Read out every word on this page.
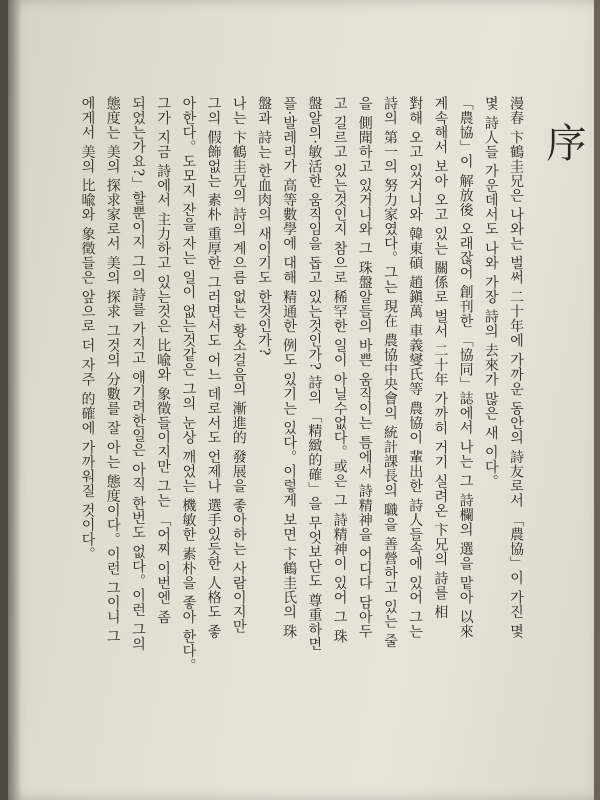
序
漫春 卞鶴圭兄은 나와는 벌써 二十年에 가까운 동안의 詩友로서 「農協」이 가진 몇
몇 詩人들 가운데서도 나와 가장 詩의 去來가 많은 새 이다。
「農協」이 解放後 오래잖어 創刊한 「協同」誌에서 나는 그 詩欄의 選을 맡아 以來
계속해서 보아 오고 있는 關係로 벌서 二十年 가까히 거기 실려온 卞兄의 詩를 相
對해 오고 있거니와 韓東碩 趙鎭萬 車義燮氏等 農協이 輩出한 詩人들속에 있어 그는
詩의 第一의 努力家였다。그는 現在 農協中央會의 統計課長의 職을 善營하고 있는 줄
을 側聞하고 있거니와 그 珠盤알들의 바쁜 움직이는 틈에서 詩精神을 어디다 담아두
고 길르고 있는것인지 참으로 稀罕한 일이 아닐수없다。或은 그 詩精神이 있어 그 珠
盤알의·敏活한 움직임을 돕고 있는것인가? 詩의 「精緻的確」을 무엇보단도 尊重하면
플·발레리가 高等數學에 대해 精通한 例도 있기는 있다。이렇게 보면 卞鶴圭氏의 珠
盤과 詩는 한血肉의 새이기도 한것인가?
나는 卞鶴圭兄의 詩의 계으름 없는 황소걸음의 漸進的 發展을 좋아하는 사람이지만
그의 假飾없는 素朴 重厚한 그러면서도 어느 데로서도 언제나 選手있듯한 人格도 좋
아한다。도모지 잔을 자는 일이 없는것같은 그의 눈상 깨었는 機敏한 素朴을 좋아 한다。
그가 지금 詩에서 主力하고 있는것은 比喩와 象徵들이지만 그는 「어찌 이번엔 좀
되었는가요?」할뿐이지 그의 詩를 가지고 애기려한일은 아직 한번도 없다。이런 그의
態度는 美의 探求家로서 美의 探求 그것의 分數를 잘 아는 態度이다。이런 그이니 그
에게서 美의 比喩와 象徵들은 앞으로 더 자주 的確에 가까워질 것이다。
